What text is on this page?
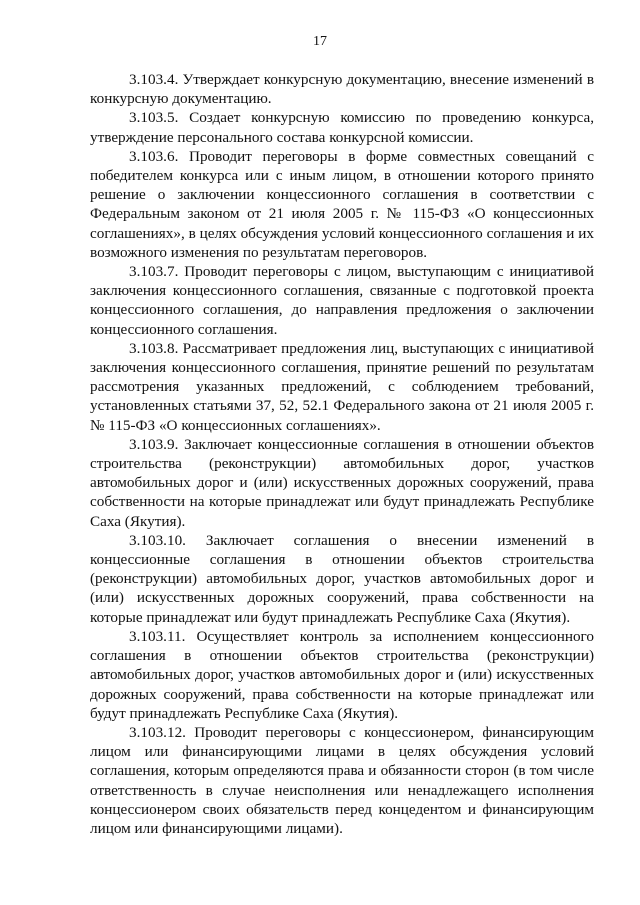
17

3.103.4. Утверждает конкурсную документацию, внесение изменений в конкурсную документацию.

3.103.5. Создает конкурсную комиссию по проведению конкурса, утверждение персонального состава конкурсной комиссии.

3.103.6. Проводит переговоры в форме совместных совещаний с победителем конкурса или с иным лицом, в отношении которого принято решение о заключении концессионного соглашения в соответствии с Федеральным законом от 21 июля 2005 г. № 115-ФЗ «О концессионных соглашениях», в целях обсуждения условий концессионного соглашения и их возможного изменения по результатам переговоров.

3.103.7. Проводит переговоры с лицом, выступающим с инициативой заключения концессионного соглашения, связанные с подготовкой проекта концессионного соглашения, до направления предложения о заключении концессионного соглашения.

3.103.8. Рассматривает предложения лиц, выступающих с инициативой заключения концессионного соглашения, принятие решений по результатам рассмотрения указанных предложений, с соблюдением требований, установленных статьями 37, 52, 52.1 Федерального закона от 21 июля 2005 г. № 115-ФЗ «О концессионных соглашениях».

3.103.9. Заключает концессионные соглашения в отношении объектов строительства (реконструкции) автомобильных дорог, участков автомобильных дорог и (или) искусственных дорожных сооружений, права собственности на которые принадлежат или будут принадлежать Республике Саха (Якутия).

3.103.10. Заключает соглашения о внесении изменений в концессионные соглашения в отношении объектов строительства (реконструкции) автомобильных дорог, участков автомобильных дорог и (или) искусственных дорожных сооружений, права собственности на которые принадлежат или будут принадлежать Республике Саха (Якутия).

3.103.11. Осуществляет контроль за исполнением концессионного соглашения в отношении объектов строительства (реконструкции) автомобильных дорог, участков автомобильных дорог и (или) искусственных дорожных сооружений, права собственности на которые принадлежат или будут принадлежать Республике Саха (Якутия).

3.103.12. Проводит переговоры с концессионером, финансирующим лицом или финансирующими лицами в целях обсуждения условий соглашения, которым определяются права и обязанности сторон (в том числе ответственность в случае неисполнения или ненадлежащего исполнения концессионером своих обязательств перед концедентом и финансирующим лицом или финансирующими лицами).
